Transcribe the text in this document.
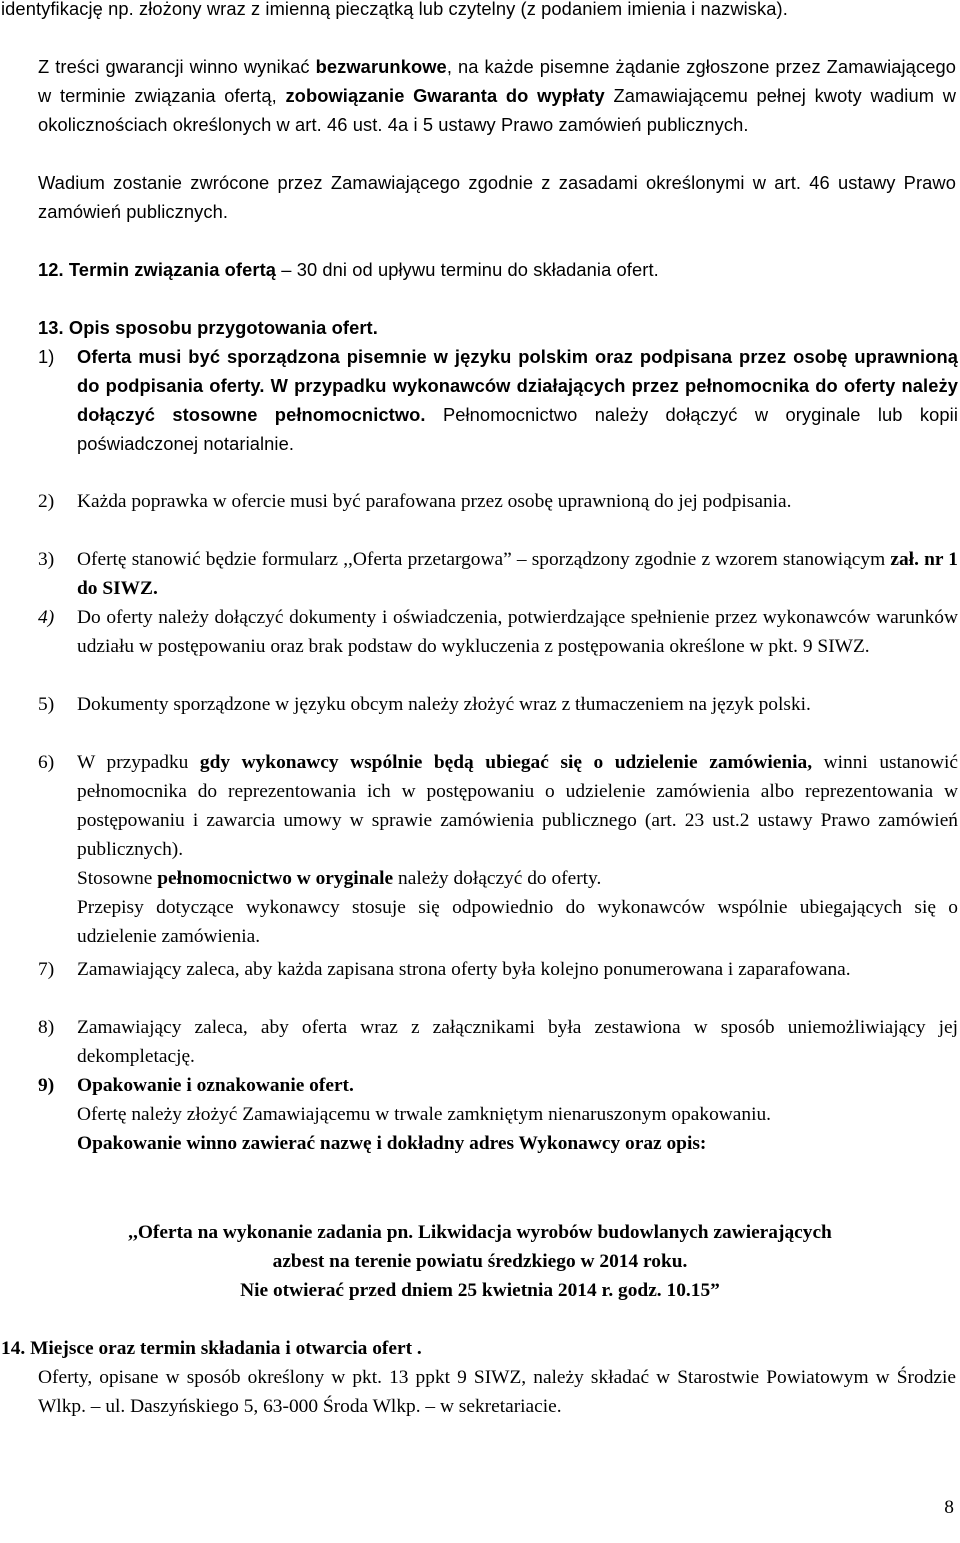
identyfikację np. złożony wraz z imienną pieczątką lub czytelny (z podaniem imienia i nazwiska).

Z treści gwarancji winno wynikać bezwarunkowe, na każde pisemne żądanie zgłoszone przez Zamawiającego w terminie związania ofertą, zobowiązanie Gwaranta do wypłaty Zamawiającemu pełnej kwoty wadium w okolicznościach określonych w art. 46 ust. 4a i 5 ustawy Prawo zamówień publicznych.

Wadium zostanie zwrócone przez Zamawiającego zgodnie z zasadami określonymi w art. 46 ustawy Prawo zamówień publicznych.

12. Termin związania ofertą – 30 dni od upływu terminu do składania ofert.

13. Opis sposobu przygotowania ofert.

1)	Oferta musi być sporządzona pisemnie w języku polskim oraz podpisana przez osobę uprawnioną do podpisania oferty. W przypadku wykonawców działających przez pełnomocnika do oferty należy dołączyć stosowne pełnomocnictwo. Pełnomocnictwo należy dołączyć w oryginale lub kopii poświadczonej notarialnie.

2)	Każda poprawka w ofercie musi być parafowana przez osobę uprawnioną do jej podpisania.

3)	Ofertę stanowić będzie formularz ,,Oferta przetargowa” – sporządzony zgodnie z wzorem stanowiącym zał. nr 1 do SIWZ.

4)	Do oferty należy dołączyć dokumenty i oświadczenia, potwierdzające spełnienie przez wykonawców warunków udziału w postępowaniu oraz brak podstaw do wykluczenia z postępowania określone w pkt. 9 SIWZ.

5)	Dokumenty sporządzone w języku obcym należy złożyć wraz z tłumaczeniem na język polski.

6)	W przypadku gdy wykonawcy wspólnie będą ubiegać się o udzielenie zamówienia, winni ustanowić pełnomocnika do reprezentowania ich w postępowaniu o udzielenie zamówienia albo reprezentowania w postępowaniu i zawarcia umowy w sprawie zamówienia publicznego (art. 23 ust.2 ustawy Prawo zamówień publicznych).

Stosowne pełnomocnictwo w oryginale należy dołączyć do oferty.

Przepisy dotyczące wykonawcy stosuje się odpowiednio do wykonawców wspólnie ubiegających się o udzielenie zamówienia.

7)	Zamawiający zaleca, aby każda zapisana strona oferty była kolejno ponumerowana i zaparafowana.

8)	Zamawiający zaleca, aby oferta wraz z załącznikami była zestawiona w sposób uniemożliwiający jej dekompletację.

9)	Opakowanie i oznakowanie ofert.

Ofertę należy złożyć Zamawiającemu w trwale zamkniętym nienaruszonym opakowaniu.

Opakowanie winno zawierać nazwę i dokładny adres Wykonawcy oraz opis:

,,Oferta na wykonanie zadania pn. Likwidacja wyrobów budowlanych zawierających

azbest na terenie powiatu średzkiego w 2014 roku.

Nie otwierać przed dniem 25 kwietnia 2014 r. godz. 10.15”

14. Miejsce oraz termin składania i otwarcia ofert .

Oferty, opisane w sposób określony w pkt. 13 ppkt 9 SIWZ, należy składać w Starostwie Powiatowym w Środzie Wlkp. – ul. Daszyńskiego 5, 63-000 Środa Wlkp. – w sekretariacie.

8
